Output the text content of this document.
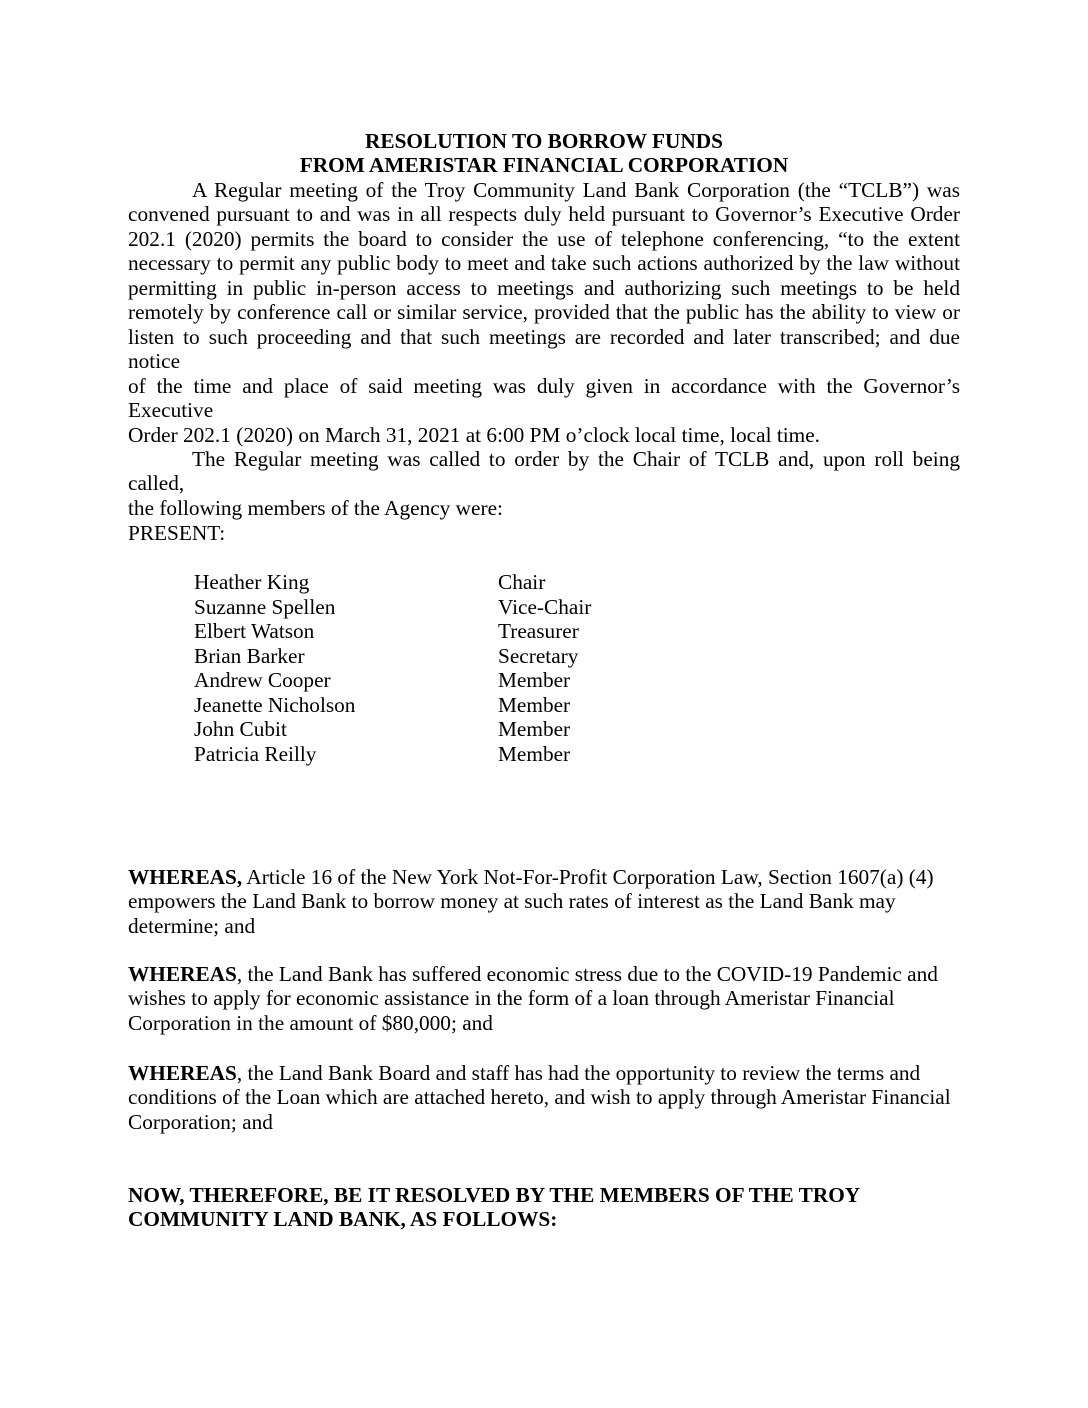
RESOLUTION TO BORROW FUNDS
FROM AMERISTAR FINANCIAL CORPORATION
A Regular meeting of the Troy Community Land Bank Corporation (the “TCLB”) was
convened pursuant to and was in all respects duly held pursuant to Governor’s Executive Order
202.1 (2020) permits the board to consider the use of telephone conferencing, “to the extent
necessary to permit any public body to meet and take such actions authorized by the law without
permitting in public in-person access to meetings and authorizing such meetings to be held
remotely by conference call or similar service, provided that the public has the ability to view or
listen to such proceeding and that such meetings are recorded and later transcribed; and due notice
of the time and place of said meeting was duly given in accordance with the Governor’s Executive
Order 202.1 (2020) on March 31, 2021 at 6:00 PM o’clock local time, local time.
The Regular meeting was called to order by the Chair of TCLB and, upon roll being called,
the following members of the Agency were:
PRESENT:
Heather King	Chair
Suzanne Spellen	Vice-Chair
Elbert Watson	Treasurer
Brian Barker	Secretary
Andrew Cooper	Member
Jeanette Nicholson	Member
John Cubit	Member
Patricia Reilly	Member
WHEREAS, Article 16 of the New York Not-For-Profit Corporation Law, Section 1607(a) (4)
empowers the Land Bank to borrow money at such rates of interest as the Land Bank may
determine; and
WHEREAS, the Land Bank has suffered economic stress due to the COVID-19 Pandemic and
wishes to apply for economic assistance in the form of a loan through Ameristar Financial
Corporation in the amount of $80,000; and
WHEREAS, the Land Bank Board and staff has had the opportunity to review the terms and
conditions of the Loan which are attached hereto, and wish to apply through Ameristar Financial
Corporation; and
NOW, THEREFORE, BE IT RESOLVED BY THE MEMBERS OF THE TROY
COMMUNITY LAND BANK, AS FOLLOWS:
